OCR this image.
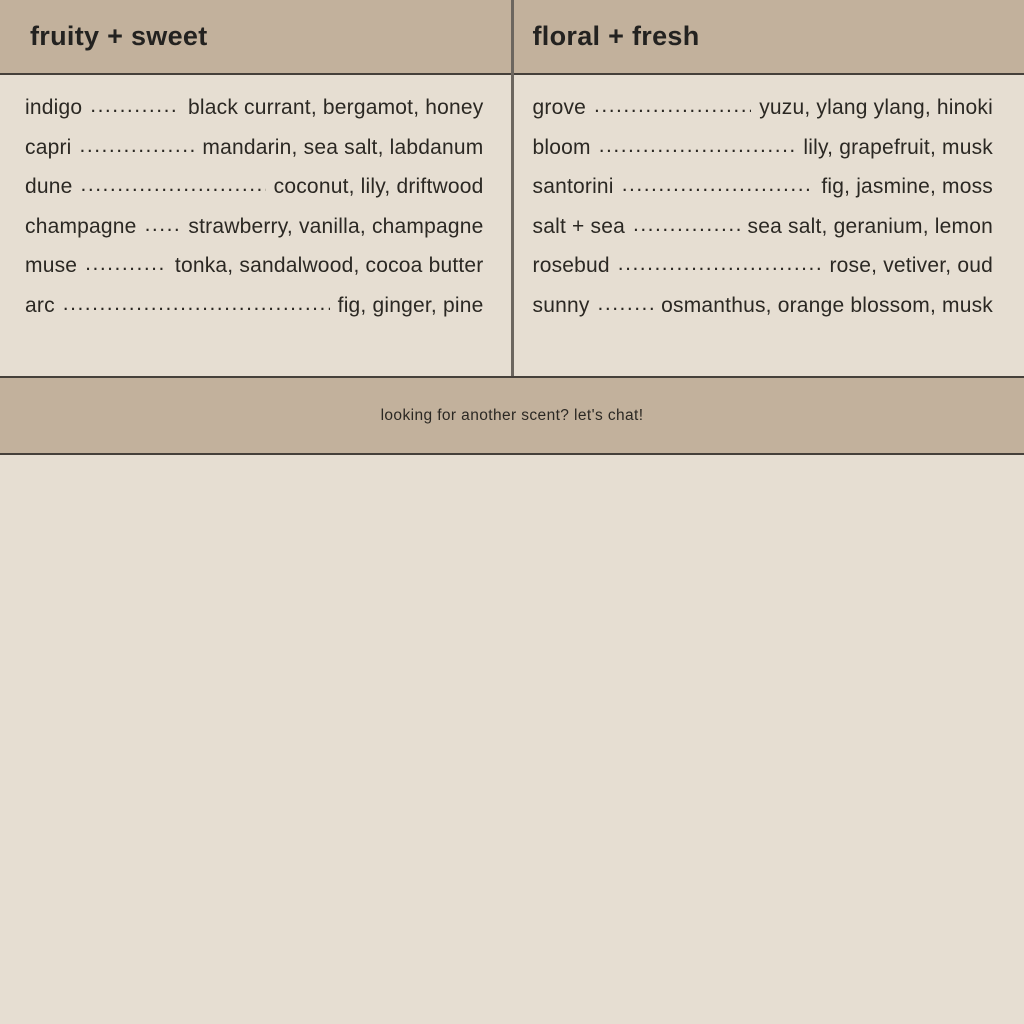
fruity + sweet
indigo .....	black currant, bergamot, honey
capri .....	mandarin, sea salt, labdanum
dune .....	coconut, lily, driftwood
champagne ..... strawberry, vanilla, champagne
muse .....	tonka, sandalwood, cocoa butter
arc .....	fig, ginger, pine
floral + fresh
grove .....	yuzu, ylang ylang, hinoki
bloom .....	lily, grapefruit, musk
santorini .....	fig, jasmine, moss
salt + sea .....	sea salt, geranium, lemon
rosebud .....	rose, vetiver, oud
sunny .....	osmanthus, orange blossom, musk
looking for another scent? let's chat!
